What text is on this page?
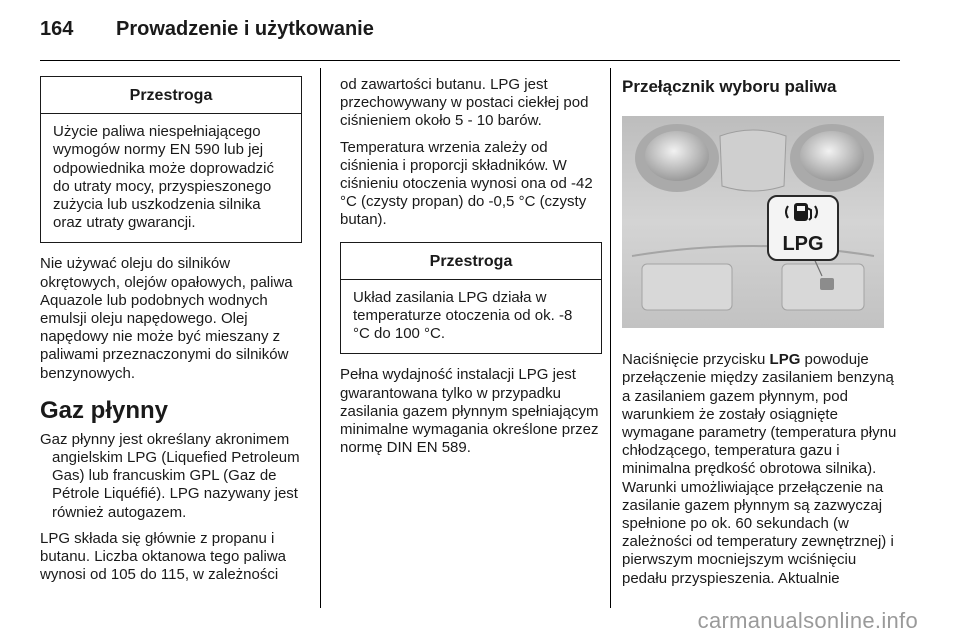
164 Prowadzenie i użytkowanie
Przestroga
Użycie paliwa niespełniającego wymogów normy EN 590 lub jej odpowiednika może doprowadzić do utraty mocy, przyspieszonego zużycia lub uszkodzenia silnika oraz utraty gwarancji.

Nie używać oleju do silników okrętowych, olejów opałowych, paliwa Aquazole lub podobnych wodnych emulsji oleju napędowego. Olej napędowy nie może być mieszany z paliwami przeznaczonymi do silników benzynowych.

Gaz płynny

Gaz płynny jest określany akronimem angielskim LPG (Liquefied Petroleum Gas) lub francuskim GPL (Gaz de Pétrole Liquéfié). LPG nazywany jest również autogazem.

LPG składa się głównie z propanu i butanu. Liczba oktanowa tego paliwa wynosi od 105 do 115, w zależności

od zawartości butanu. LPG jest przechowywany w postaci ciekłej pod ciśnieniem około 5 - 10 barów.

Temperatura wrzenia zależy od ciśnienia i proporcji składników. W ciśnieniu otoczenia wynosi ona od -42 °C (czysty propan) do -0,5 °C (czysty butan).

Przestroga
Układ zasilania LPG działa w temperaturze otoczenia od ok. -8 °C do 100 °C.

Pełna wydajność instalacji LPG jest gwarantowana tylko w przypadku zasilania gazem płynnym spełniającym minimalne wymagania określone przez normę DIN EN 589.

Przełącznik wyboru paliwa
LPG

Naciśnięcie przycisku LPG powoduje przełączenie między zasilaniem benzyną a zasilaniem gazem płynnym, pod warunkiem że zostały osiągnięte wymagane parametry (temperatura płynu chłodzącego, temperatura gazu i minimalna prędkość obrotowa silnika). Warunki umożliwiające przełączenie na zasilanie gazem płynnym są zazwyczaj spełnione po ok. 60 sekundach (w zależności od temperatury zewnętrznej) i pierwszym mocniejszym wciśnięciu pedału przyspieszenia. Aktualnie

carmanualsonline.info
